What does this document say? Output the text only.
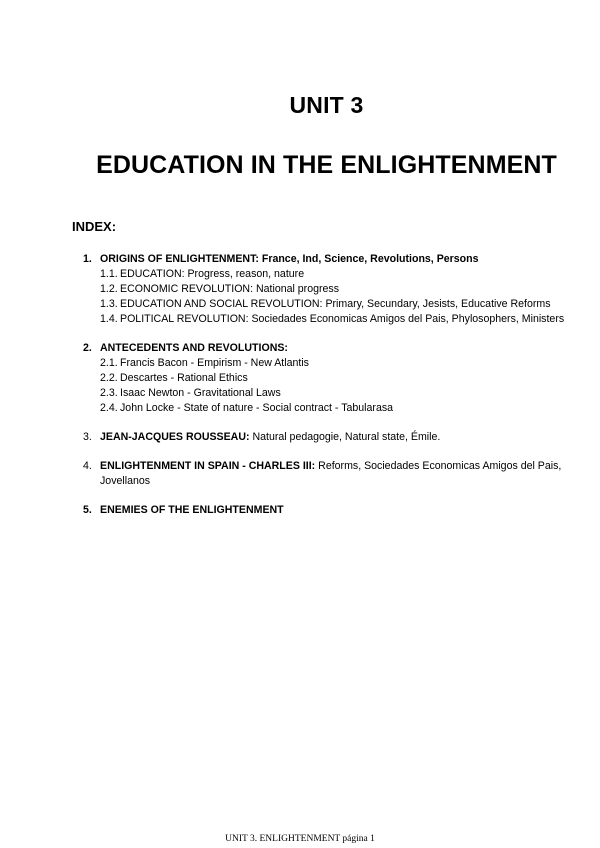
UNIT 3
EDUCATION IN THE ENLIGHTENMENT
INDEX:
1. ORIGINS OF ENLIGHTENMENT: France, Ind, Science, Revolutions, Persons
1.1. EDUCATION: Progress, reason, nature
1.2. ECONOMIC REVOLUTION: National progress
1.3. EDUCATION AND SOCIAL REVOLUTION: Primary, Secundary, Jesists, Educative Reforms
1.4. POLITICAL REVOLUTION: Sociedades Economicas Amigos del Pais, Phylosophers, Ministers
2. ANTECEDENTS AND REVOLUTIONS:
2.1. Francis Bacon - Empirism - New Atlantis
2.2. Descartes - Rational Ethics
2.3. Isaac Newton - Gravitational Laws
2.4. John Locke - State of nature - Social contract - Tabularasa
3. JEAN-JACQUES ROUSSEAU: Natural pedagogie, Natural state, Émile.
4. ENLIGHTENMENT IN SPAIN - CHARLES III: Reforms, Sociedades Economicas Amigos del Pais,
Jovellanos
5. ENEMIES OF THE ENLIGHTENMENT
UNIT 3. ENLIGHTENMENT página 1
